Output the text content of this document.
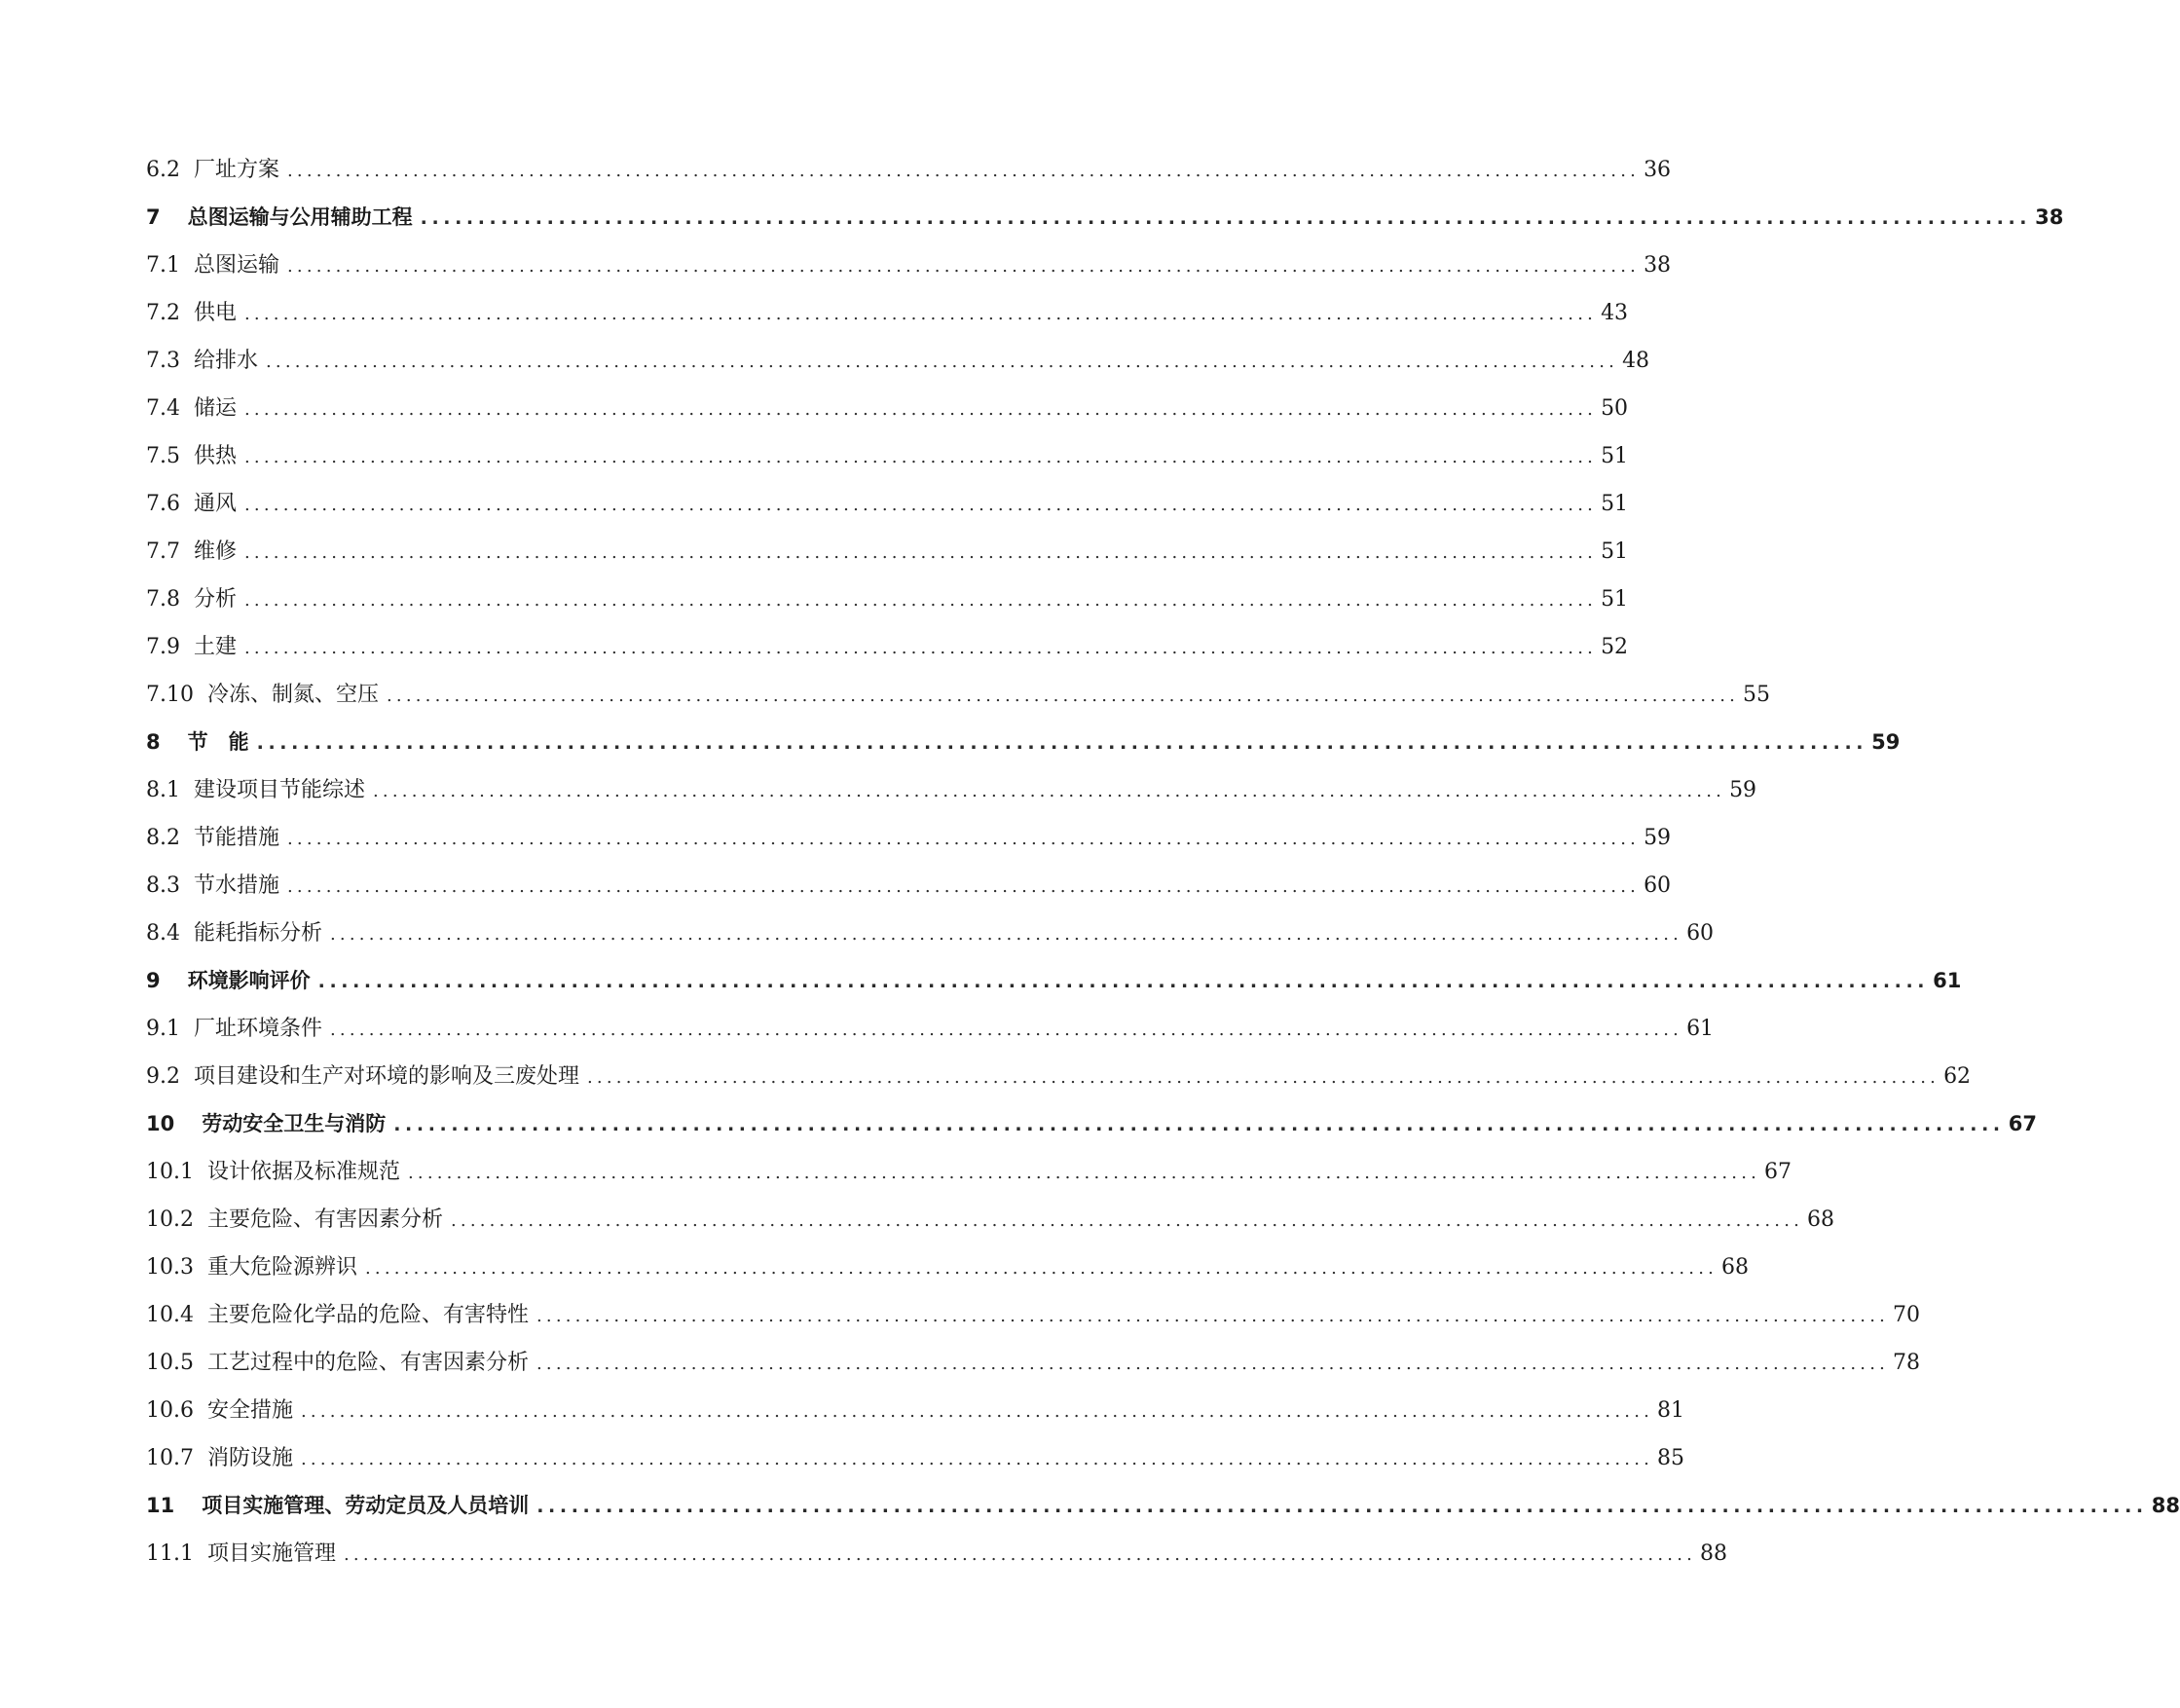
6.2 厂址方案 ............................................................................................................................................ 36
7 总图运输与公用辅助工程 ............................................................................................................................................ 38
7.1 总图运输 ............................................................................................................................................ 38
7.2 供电 ............................................................................................................................................ 43
7.3 给排水 ............................................................................................................................................ 48
7.4 储运 ............................................................................................................................................ 50
7.5 供热 ............................................................................................................................................ 51
7.6 通风 ............................................................................................................................................ 51
7.7 维修 ............................................................................................................................................ 51
7.8 分析 ............................................................................................................................................ 51
7.9 土建 ............................................................................................................................................ 52
7.10 冷冻、制氮、空压 ............................................................................................................................................ 55
8 节　能 ............................................................................................................................................ 59
8.1 建设项目节能综述 ............................................................................................................................................ 59
8.2 节能措施 ............................................................................................................................................ 59
8.3 节水措施 ............................................................................................................................................ 60
8.4 能耗指标分析 ............................................................................................................................................ 60
9 环境影响评价 ............................................................................................................................................ 61
9.1 厂址环境条件 ............................................................................................................................................ 61
9.2 项目建设和生产对环境的影响及三废处理 ............................................................................................................................................ 62
10 劳动安全卫生与消防 ............................................................................................................................................ 67
10.1 设计依据及标准规范 ............................................................................................................................................ 67
10.2 主要危险、有害因素分析 ............................................................................................................................................ 68
10.3 重大危险源辨识 ............................................................................................................................................ 68
10.4 主要危险化学品的危险、有害特性 ............................................................................................................................................ 70
10.5 工艺过程中的危险、有害因素分析 ............................................................................................................................................ 78
10.6 安全措施 ............................................................................................................................................ 81
10.7 消防设施 ............................................................................................................................................ 85
11 项目实施管理、劳动定员及人员培训 ............................................................................................................................................ 88
11.1 项目实施管理 ............................................................................................................................................ 88
